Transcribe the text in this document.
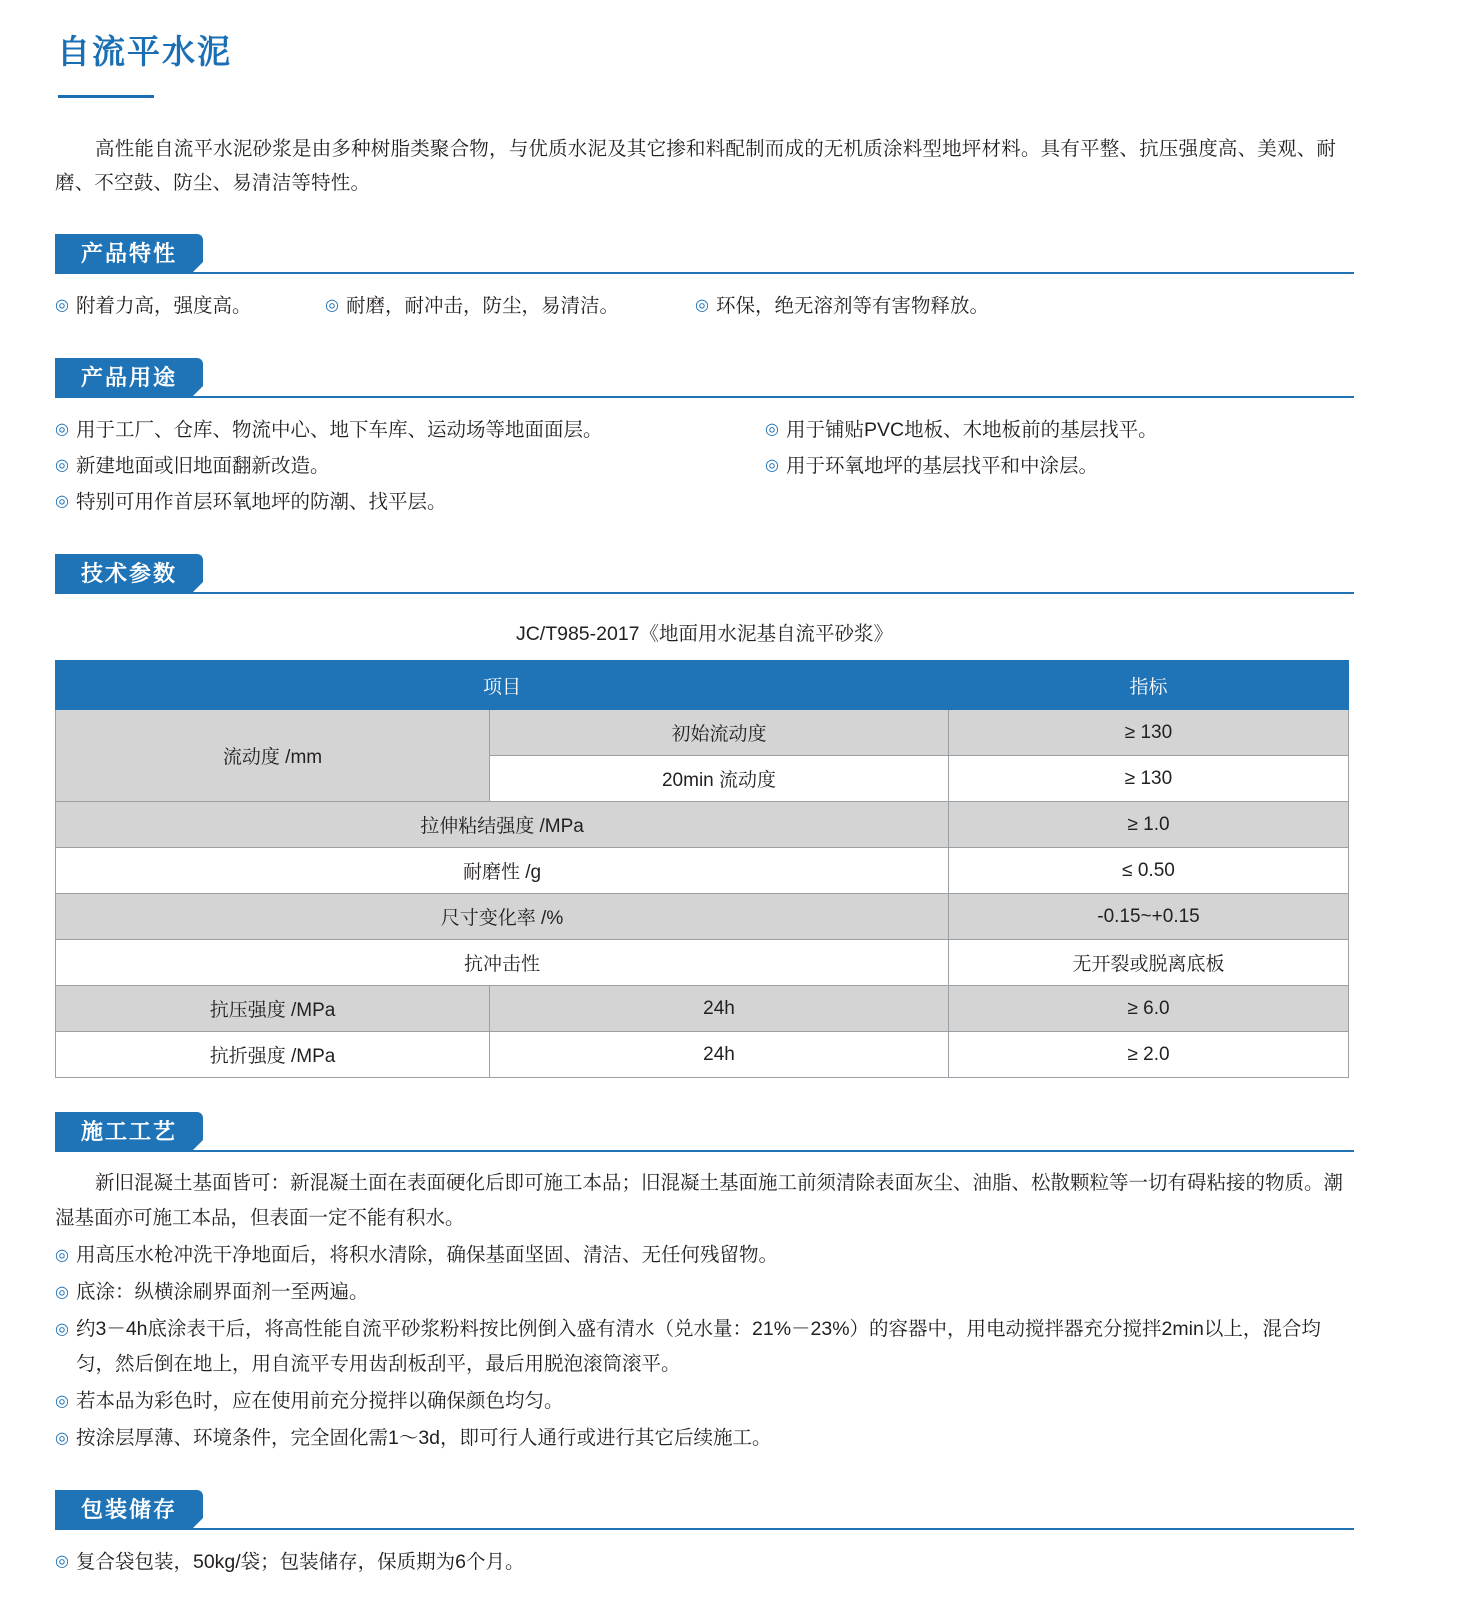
自流平水泥
高性能自流平水泥砂浆是由多种树脂类聚合物，与优质水泥及其它掺和料配制而成的无机质涂料型地坪材料。具有平整、抗压强度高、美观、耐磨、不空鼓、防尘、易清洁等特性。
产品特性
◎ 附着力高，强度高。	◎ 耐磨，耐冲击，防尘，易清洁。	◎ 环保，绝无溶剂等有害物释放。
产品用途
◎ 用于工厂、仓库、物流中心、地下车库、运动场等地面面层。
◎ 新建地面或旧地面翻新改造。
◎ 特别可用作首层环氧地坪的防潮、找平层。
◎ 用于铺贴PVC地板、木地板前的基层找平。
◎ 用于环氧地坪的基层找平和中涂层。
技术参数
JC/T985-2017《地面用水泥基自流平砂浆》
项目		指标
流动度 /mm	初始流动度	≥ 130
	20min 流动度	≥ 130
拉伸粘结强度 /MPa		≥ 1.0
耐磨性 /g		≤ 0.50
尺寸变化率 /%		-0.15~+0.15
抗冲击性		无开裂或脱离底板
抗压强度 /MPa	24h	≥ 6.0
抗折强度 /MPa	24h	≥ 2.0
施工工艺
新旧混凝土基面皆可：新混凝土面在表面硬化后即可施工本品；旧混凝土基面施工前须清除表面灰尘、油脂、松散颗粒等一切有碍粘接的物质。潮湿基面亦可施工本品，但表面一定不能有积水。
◎ 用高压水枪冲洗干净地面后，将积水清除，确保基面坚固、清洁、无任何残留物。
◎ 底涂：纵横涂刷界面剂一至两遍。
◎ 约3－4h底涂表干后，将高性能自流平砂浆粉料按比例倒入盛有清水（兑水量：21%－23%）的容器中，用电动搅拌器充分搅拌2min以上，混合均匀，然后倒在地上，用自流平专用齿刮板刮平，最后用脱泡滚筒滚平。
◎ 若本品为彩色时，应在使用前充分搅拌以确保颜色均匀。
◎ 按涂层厚薄、环境条件，完全固化需1～3d，即可行人通行或进行其它后续施工。
包装储存
◎ 复合袋包装，50kg/袋；包装储存，保质期为6个月。
